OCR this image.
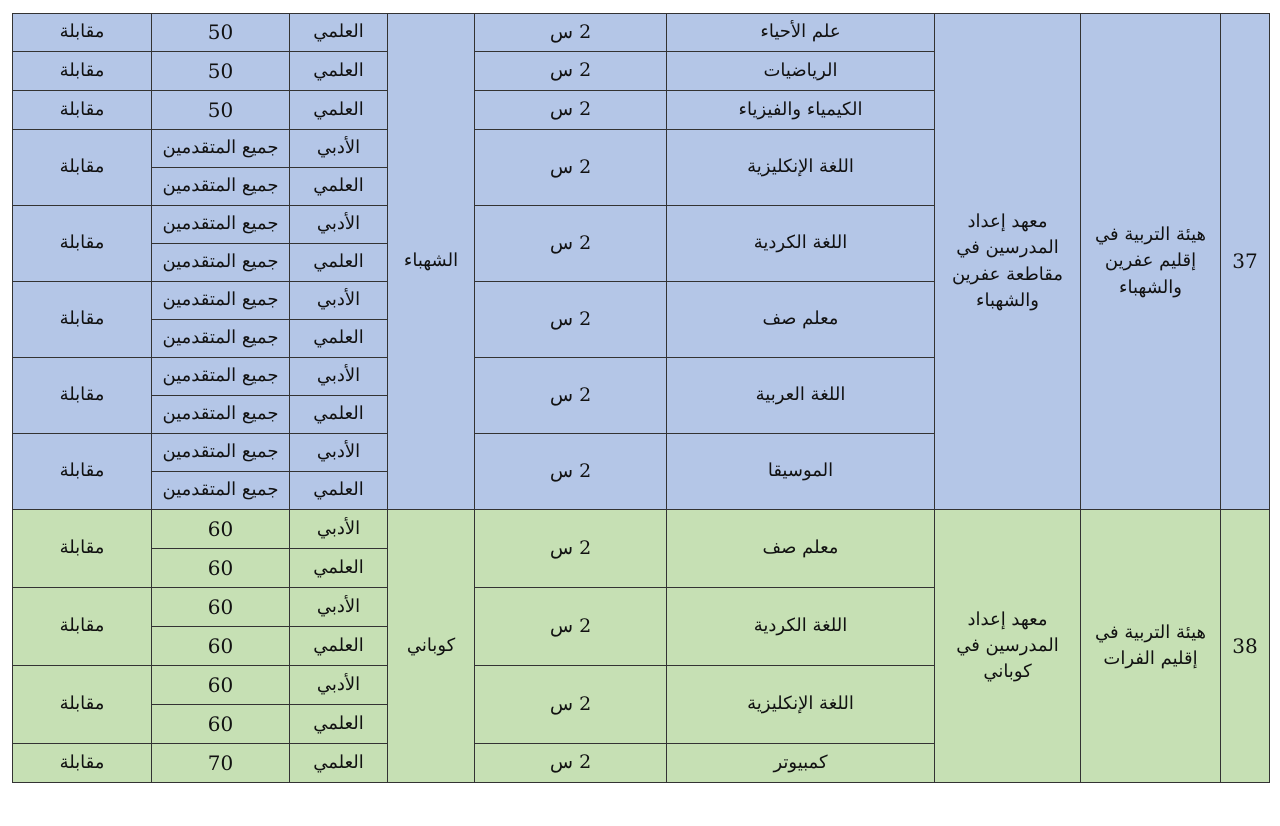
37	هيئة التربية في إقليم عفرين والشهباء	معهد إعداد المدرسين في مقاطعة عفرين والشهباء	علم الأحياء	2 س	الشهباء	العلمي	50	مقابلة
			الرياضيات	2 س		العلمي	50	مقابلة
			الكيمياء والفيزياء	2 س		العلمي	50	مقابلة
			اللغة الإنكليزية	2 س		الأدبي	جميع المتقدمين	مقابلة
						العلمي	جميع المتقدمين	
			اللغة الكردية	2 س		الأدبي	جميع المتقدمين	مقابلة
						العلمي	جميع المتقدمين	
			معلم صف	2 س		الأدبي	جميع المتقدمين	مقابلة
						العلمي	جميع المتقدمين	
			اللغة العربية	2 س		الأدبي	جميع المتقدمين	مقابلة
						العلمي	جميع المتقدمين	
			الموسيقا	2 س		الأدبي	جميع المتقدمين	مقابلة
						العلمي	جميع المتقدمين	
38	هيئة التربية في إقليم الفرات	معهد إعداد المدرسين في كوباني	معلم صف	2 س	كوباني	الأدبي	60	مقابلة
						العلمي	60	
			اللغة الكردية	2 س		الأدبي	60	مقابلة
						العلمي	60	
			اللغة الإنكليزية	2 س		الأدبي	60	مقابلة
						العلمي	60	
			كمبيوتر	2 س		العلمي	70	مقابلة
